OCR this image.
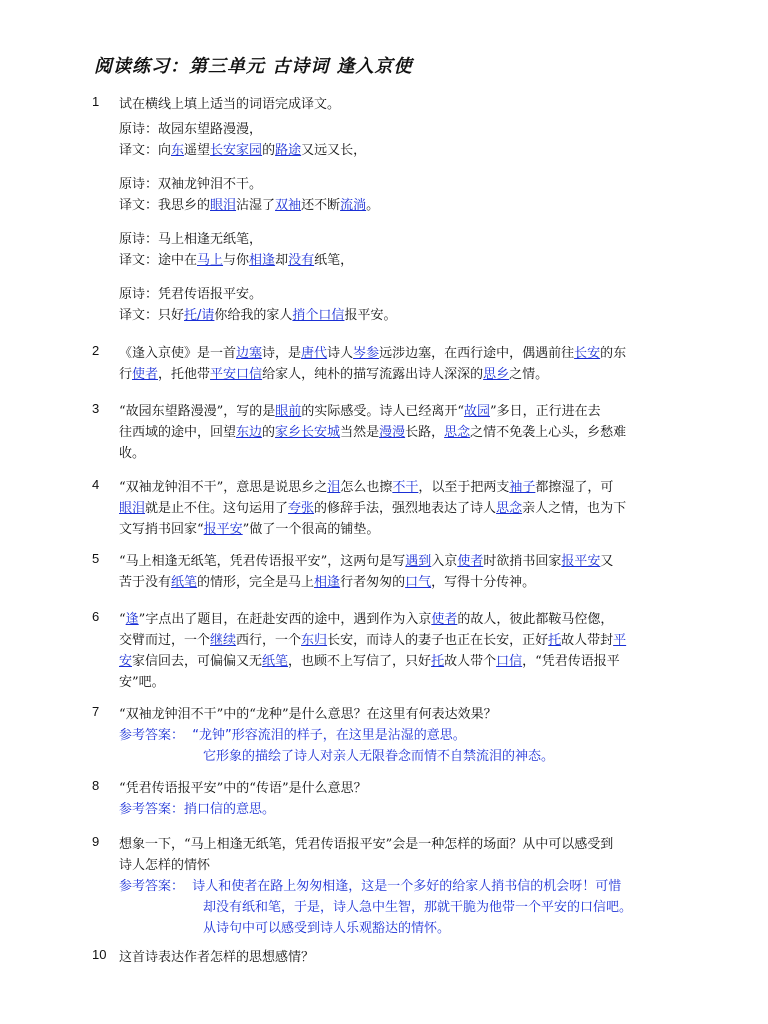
阅读练习：第三单元 古诗词 逢入京使
1 试在横线上填上适当的词语完成译文。
原诗：故园东望路漫漫，
译文：向东遥望长安家园的路途又远又长，
原诗：双袖龙钟泪不干。
译文：我思乡的眼泪沾湿了双袖还不断流淌。
原诗：马上相逢无纸笔，
译文：途中在马上与你相逢却没有纸笔，
原诗：凭君传语报平安。
译文：只好托/请你给我的家人捎个口信报平安。
2 《逢入京使》是一首边塞诗，是唐代诗人岑参远涉边塞，在西行途中，偶遇前往长安的东
行使者，托他带平安口信给家人，纯朴的描写流露出诗人深深的思乡之情。
3 “故园东望路漫漫”，写的是眼前的实际感受。诗人已经离开“故园”多日，正行进在去
往西域的途中，回望东边的家乡长安城当然是漫漫长路，思念之情不免袭上心头，乡愁难
收。
4 “双袖龙钟泪不干”，意思是说思乡之泪怎么也擦不干，以至于把两支袖子都擦湿了，可
眼泪就是止不住。这句运用了夸张的修辞手法，强烈地表达了诗人思念亲人之情，也为下
文写捎书回家“报平安”做了一个很高的铺垫。
5 “马上相逢无纸笔，凭君传语报平安”，这两句是写遇到入京使者时欲捎书回家报平安又
苦于没有纸笔的情形，完全是马上相逢行者匆匆的口气，写得十分传神。
6 “逢”字点出了题目，在赶赴安西的途中，遇到作为入京使者的故人，彼此都鞍马倥偬，
交臂而过，一个继续西行，一个东归长安，而诗人的妻子也正在长安，正好托故人带封平
安家信回去，可偏偏又无纸笔，也顾不上写信了，只好托故人带个口信，“凭君传语报平
安”吧。
7 “双袖龙钟泪不干”中的“龙种”是什么意思？在这里有何表达效果？
参考答案： “龙钟”形容流泪的样子，在这里是沾湿的意思。
它形象的描绘了诗人对亲人无限眷念而情不自禁流泪的神态。
8 “凭君传语报平安”中的“传语”是什么意思？
参考答案：捎口信的意思。
9 想象一下，“马上相逢无纸笔，凭君传语报平安”会是一种怎样的场面？从中可以感受到
诗人怎样的情怀
参考答案： 诗人和使者在路上匆匆相逢，这是一个多好的给家人捎书信的机会呀！可惜
却没有纸和笔，于是，诗人急中生智，那就干脆为他带一个平安的口信吧。
从诗句中可以感受到诗人乐观豁达的情怀。
10 这首诗表达作者怎样的思想感情？
